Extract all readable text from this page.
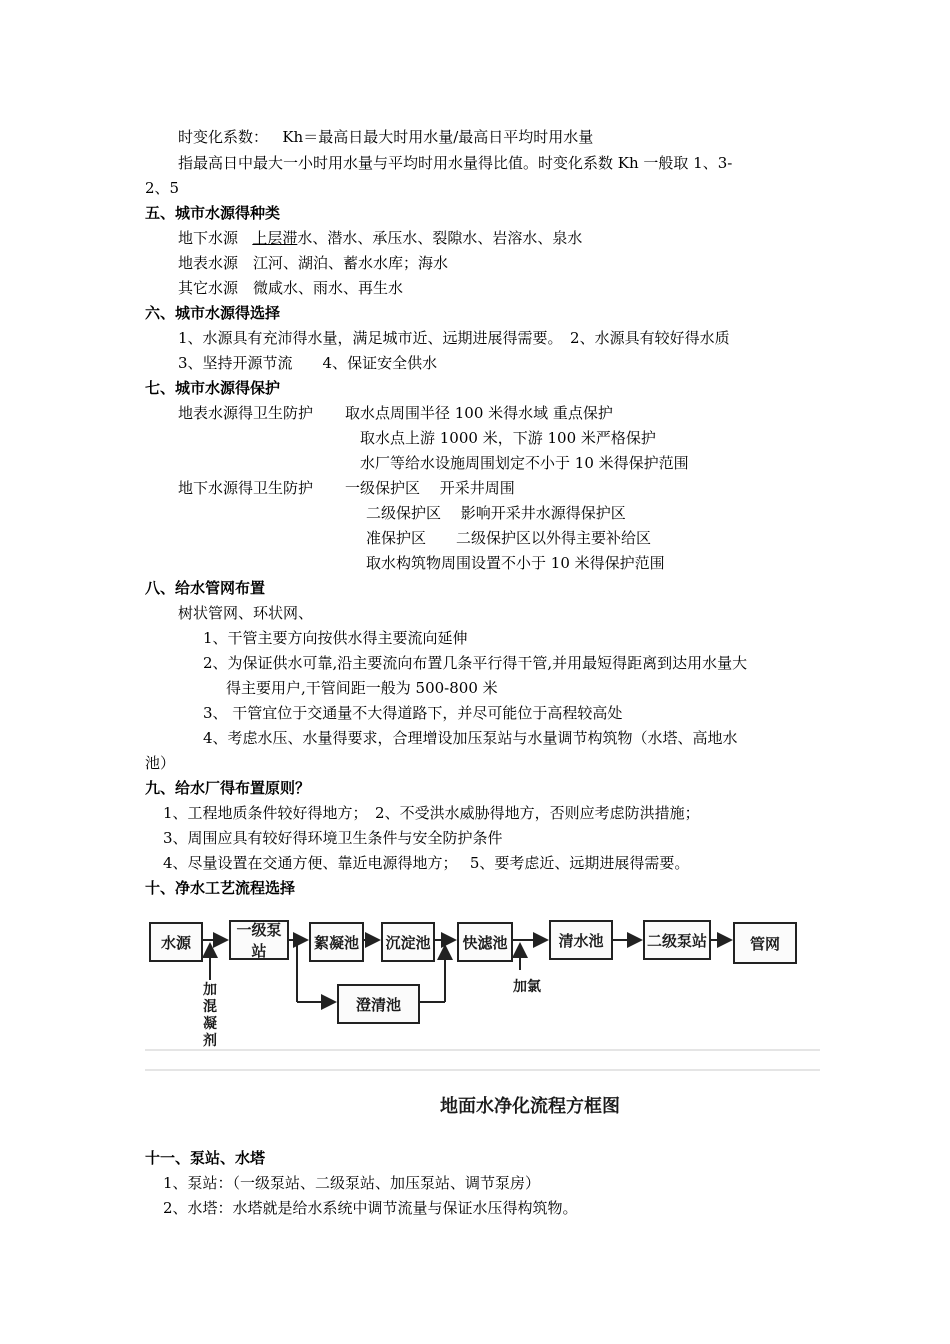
时变化系数： Kh＝最高日最大时用水量/最高日平均时用水量
指最高日中最大一小时用水量与平均时用水量得比值。时变化系数 Kh 一般取 1、3-
2、5
五、城市水源得种类
地下水源 上层滞水、潜水、承压水、裂隙水、岩溶水、泉水
地表水源　江河、湖泊、蓄水水库；海水
其它水源　微咸水、雨水、再生水
六、城市水源得选择
1、水源具有充沛得水量，满足城市近、远期进展得需要。　2、水源具有较好得水质
3、坚持开源节流　　4、保证安全供水
七、城市水源得保护
地表水源得卫生防护 取水点周围半径 100 米得水域 重点保护
取水点上游 1000 米，下游 100 米严格保护
水厂等给水设施周围划定不小于 10 米得保护范围
地下水源得卫生防护 一级保护区　 开采井周围
二级保护区　 影响开采井水源得保护区
准保护区　　二级保护区以外得主要补给区
取水构筑物周围设置不小于 10 米得保护范围
八、给水管网布置
树状管网、环状网、
1、干管主要方向按供水得主要流向延伸
2、为保证供水可靠,沿主要流向布置几条平行得干管,并用最短得距离到达用水量大
得主要用户,干管间距一般为 500-800 米
3、 干管宜位于交通量不大得道路下，并尽可能位于高程较高处
4、考虑水压、水量得要求，合理增设加压泵站与水量调节构筑物（水塔、高地水
池）
九、给水厂得布置原则？
1、工程地质条件较好得地方；　2、不受洪水威胁得地方，否则应考虑防洪措施；
3、周围应具有较好得环境卫生条件与安全防护条件
4、尽量设置在交通方便、靠近电源得地方；　 5、要考虑近、远期进展得需要。
十、净水工艺流程选择
水源
一级泵站	絮凝池	沉淀池
澄清池
快滤池	清水池	二级泵站	管网
加混凝剂
加氯
地面水净化流程方框图
十一、泵站、水塔
1、泵站：（一级泵站、二级泵站、加压泵站、调节泵房）
2、水塔：水塔就是给水系统中调节流量与保证水压得构筑物。
